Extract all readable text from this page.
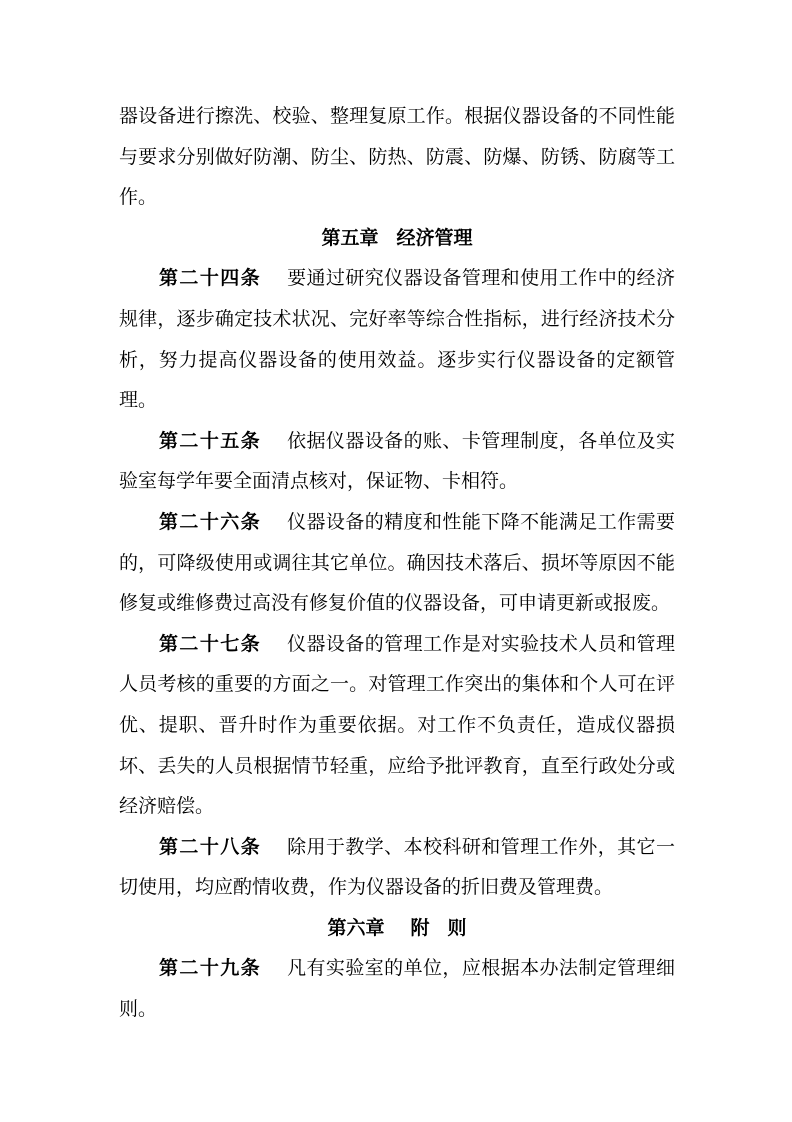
器设备进行擦洗、校验、整理复原工作。根据仪器设备的不同性能与要求分别做好防潮、防尘、防热、防震、防爆、防锈、防腐等工作。

第五章 经济管理

第二十四条 要通过研究仪器设备管理和使用工作中的经济规律，逐步确定技术状况、完好率等综合性指标，进行经济技术分析，努力提高仪器设备的使用效益。逐步实行仪器设备的定额管理。

第二十五条 依据仪器设备的账、卡管理制度，各单位及实验室每学年要全面清点核对，保证物、卡相符。

第二十六条 仪器设备的精度和性能下降不能满足工作需要的，可降级使用或调往其它单位。确因技术落后、损坏等原因不能修复或维修费过高没有修复价值的仪器设备，可申请更新或报废。

第二十七条 仪器设备的管理工作是对实验技术人员和管理人员考核的重要的方面之一。对管理工作突出的集体和个人可在评优、提职、晋升时作为重要依据。对工作不负责任，造成仪器损坏、丢失的人员根据情节轻重，应给予批评教育，直至行政处分或经济赔偿。

第二十八条 除用于教学、本校科研和管理工作外，其它一切使用，均应酌情收费，作为仪器设备的折旧费及管理费。

第六章 附则

第二十九条 凡有实验室的单位，应根据本办法制定管理细则。
